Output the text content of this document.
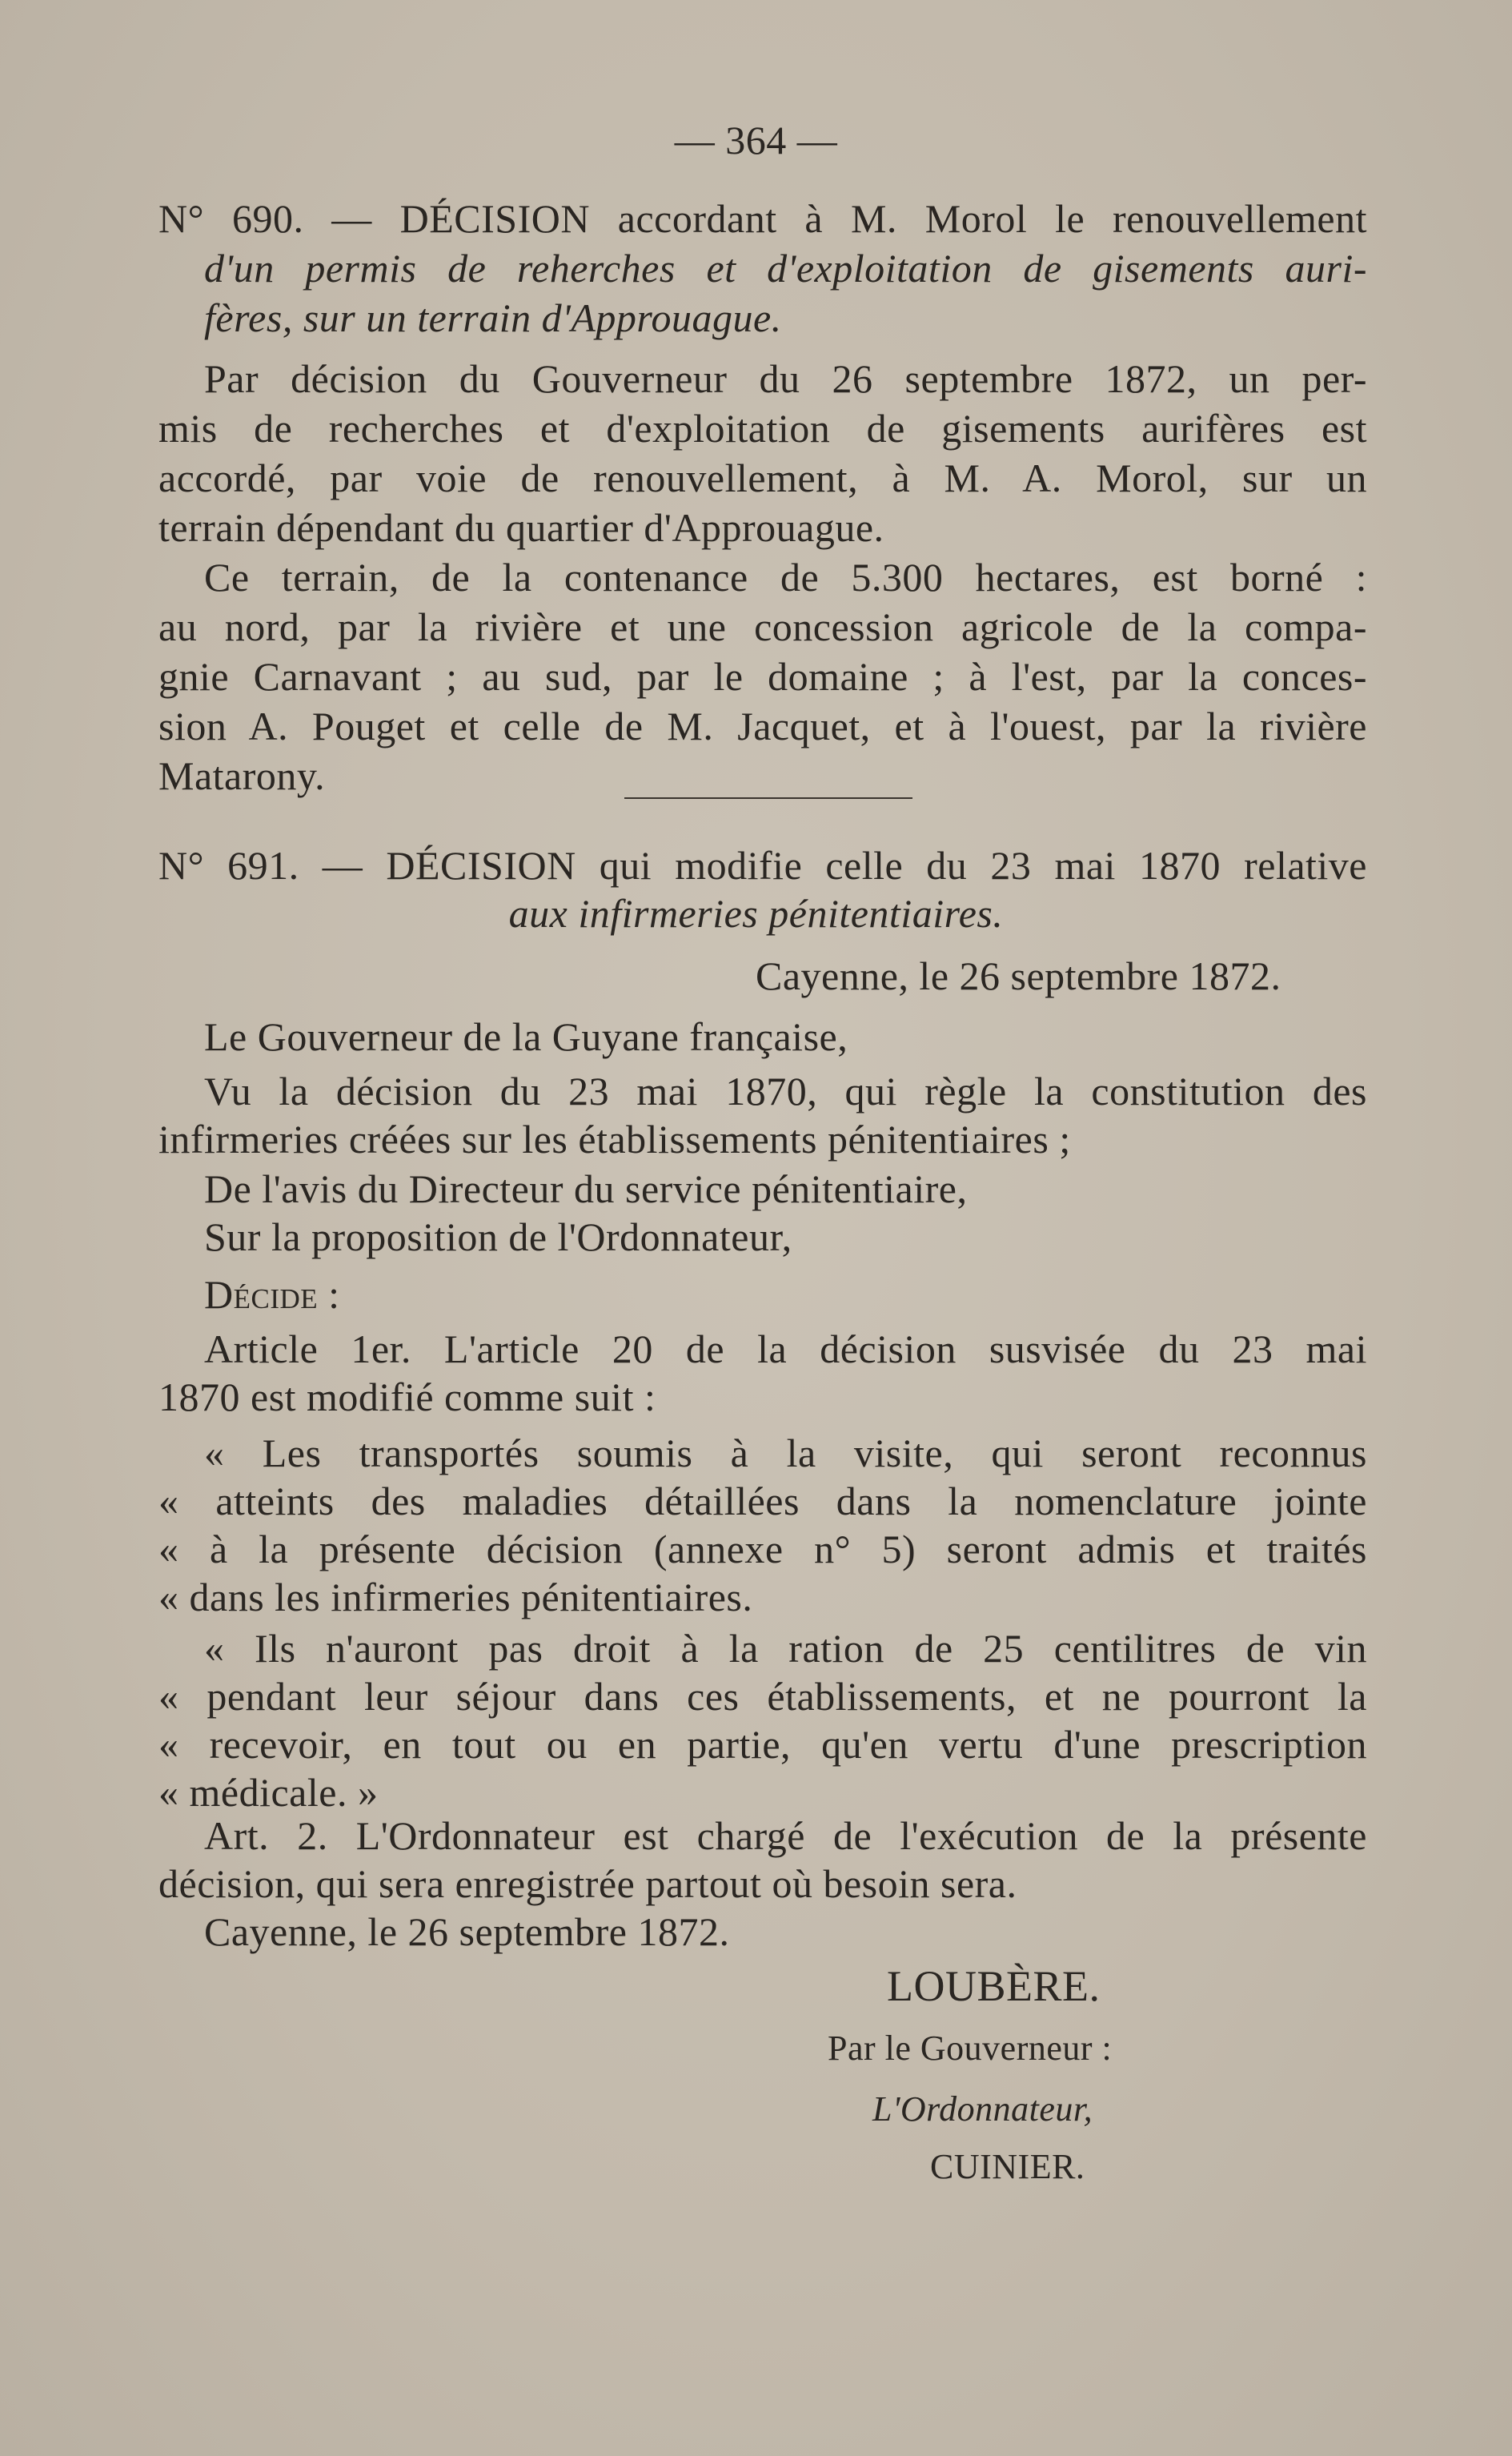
— 364 —
N° 690. — DÉCISION accordant à M. Morol le renouvellement
d'un permis de reherches et d'exploitation de gisements auri-
fères, sur un terrain d'Approuague.
Par décision du Gouverneur du 26 septembre 1872, un per-
mis de recherches et d'exploitation de gisements aurifères est
accordé, par voie de renouvellement, à M. A. Morol, sur un
terrain dépendant du quartier d'Approuague.
Ce terrain, de la contenance de 5.300 hectares, est borné :
au nord, par la rivière et une concession agricole de la compa-
gnie Carnavant ; au sud, par le domaine ; à l'est, par la conces-
sion A. Pouget et celle de M. Jacquet, et à l'ouest, par la rivière
Matarony.
N° 691. — DÉCISION qui modifie celle du 23 mai 1870 relative
aux infirmeries pénitentiaires.
Cayenne, le 26 septembre 1872.
Le Gouverneur de la Guyane française,
Vu la décision du 23 mai 1870, qui règle la constitution des
infirmeries créées sur les établissements pénitentiaires ;
De l'avis du Directeur du service pénitentiaire,
Sur la proposition de l'Ordonnateur,
Décide :
Article 1er. L'article 20 de la décision susvisée du 23 mai
1870 est modifié comme suit :
« Les transportés soumis à la visite, qui seront reconnus
« atteints des maladies détaillées dans la nomenclature jointe
« à la présente décision (annexe n° 5) seront admis et traités
« dans les infirmeries pénitentiaires.
« Ils n'auront pas droit à la ration de 25 centilitres de vin
« pendant leur séjour dans ces établissements, et ne pourront la
« recevoir, en tout ou en partie, qu'en vertu d'une prescription
« médicale. »
Art. 2. L'Ordonnateur est chargé de l'exécution de la présente
décision, qui sera enregistrée partout où besoin sera.
Cayenne, le 26 septembre 1872.
LOUBÈRE.
Par le Gouverneur :
L'Ordonnateur,
CUINIER.
